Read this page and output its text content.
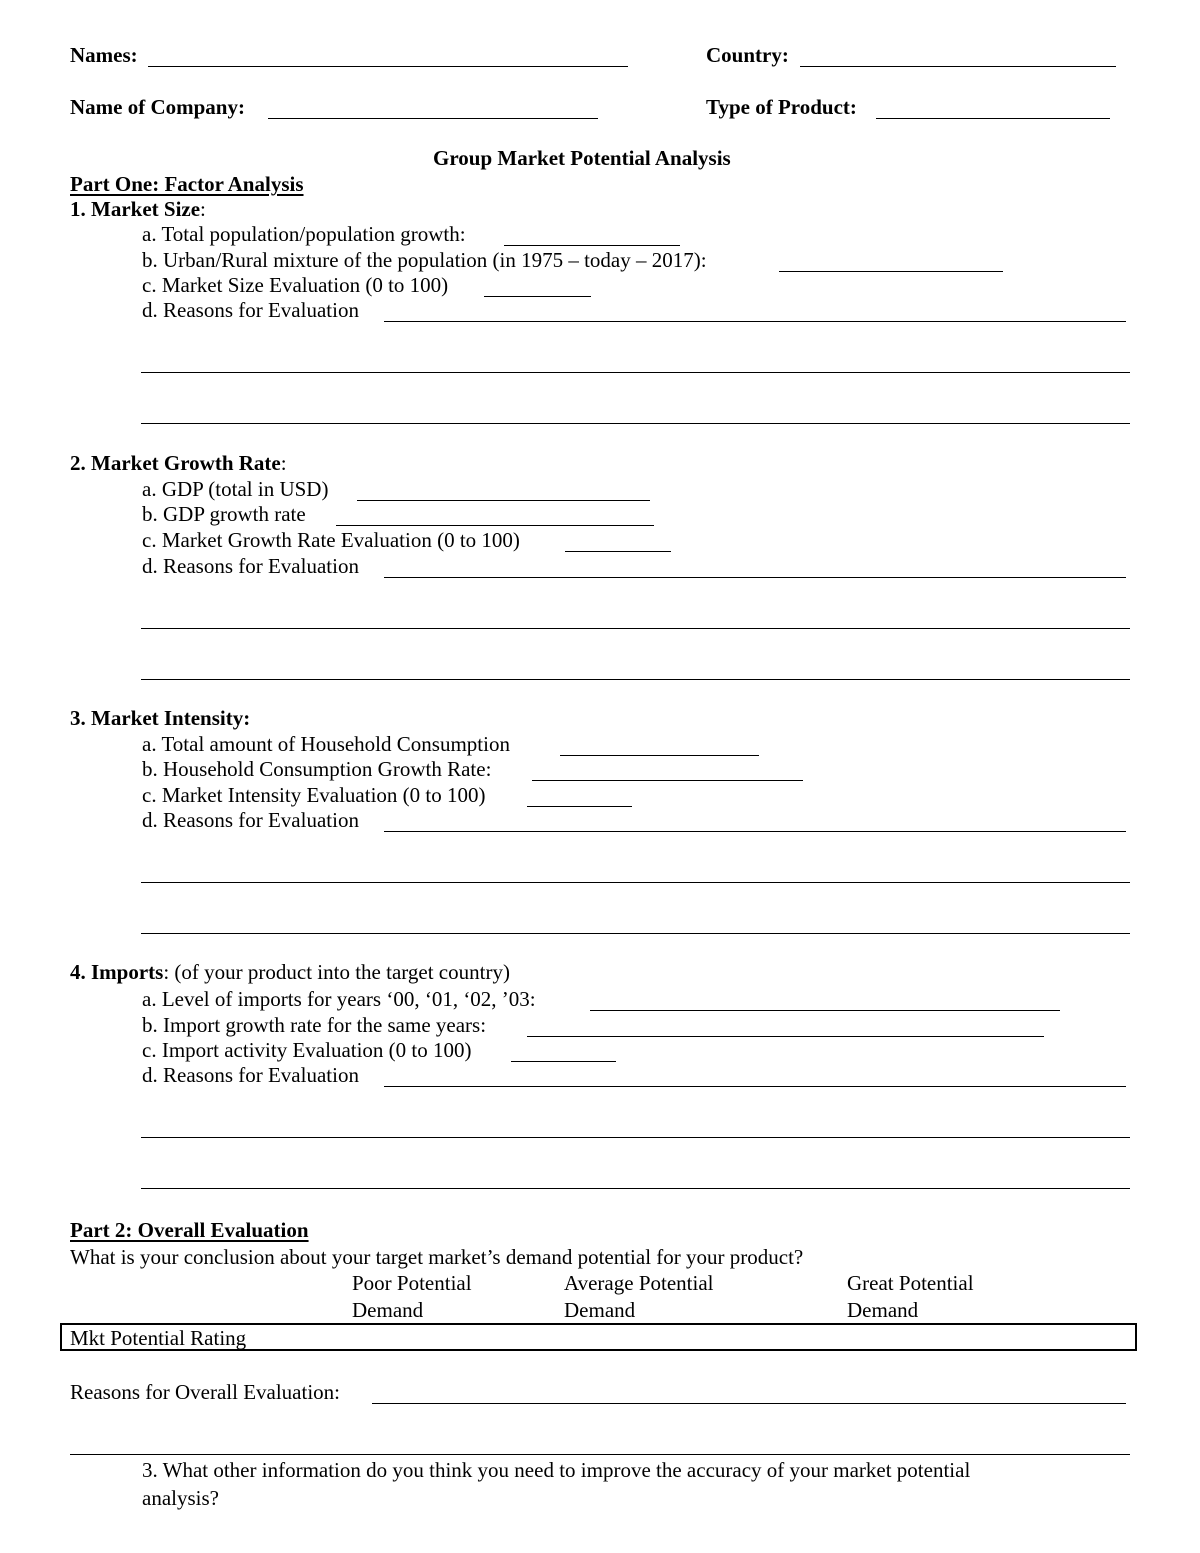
Names:	Country:
Name of Company:	Type of Product:
Group Market Potential Analysis
Part One: Factor Analysis
1. Market Size:
a. Total population/population growth:
b. Urban/Rural mixture of the population (in 1975 – today – 2017):
c. Market Size Evaluation (0 to 100)
d. Reasons for Evaluation
2. Market Growth Rate:
a. GDP (total in USD)
b. GDP growth rate
c. Market Growth Rate Evaluation (0 to 100)
d. Reasons for Evaluation
3. Market Intensity:
a. Total amount of Household Consumption
b. Household Consumption Growth Rate:
c. Market Intensity Evaluation (0 to 100)
d. Reasons for Evaluation
4. Imports: (of your product into the target country)
a. Level of imports for years ‘00, ‘01, ‘02, ’03:
b. Import growth rate for the same years:
c. Import activity Evaluation (0 to 100)
d. Reasons for Evaluation
Part 2: Overall Evaluation
What is your conclusion about your target market’s demand potential for your product?
Poor Potential
Demand
Average Potential
Demand
Great Potential
Demand
Mkt Potential Rating
Reasons for Overall Evaluation:
3. What other information do you think you need to improve the accuracy of your market potential
analysis?
